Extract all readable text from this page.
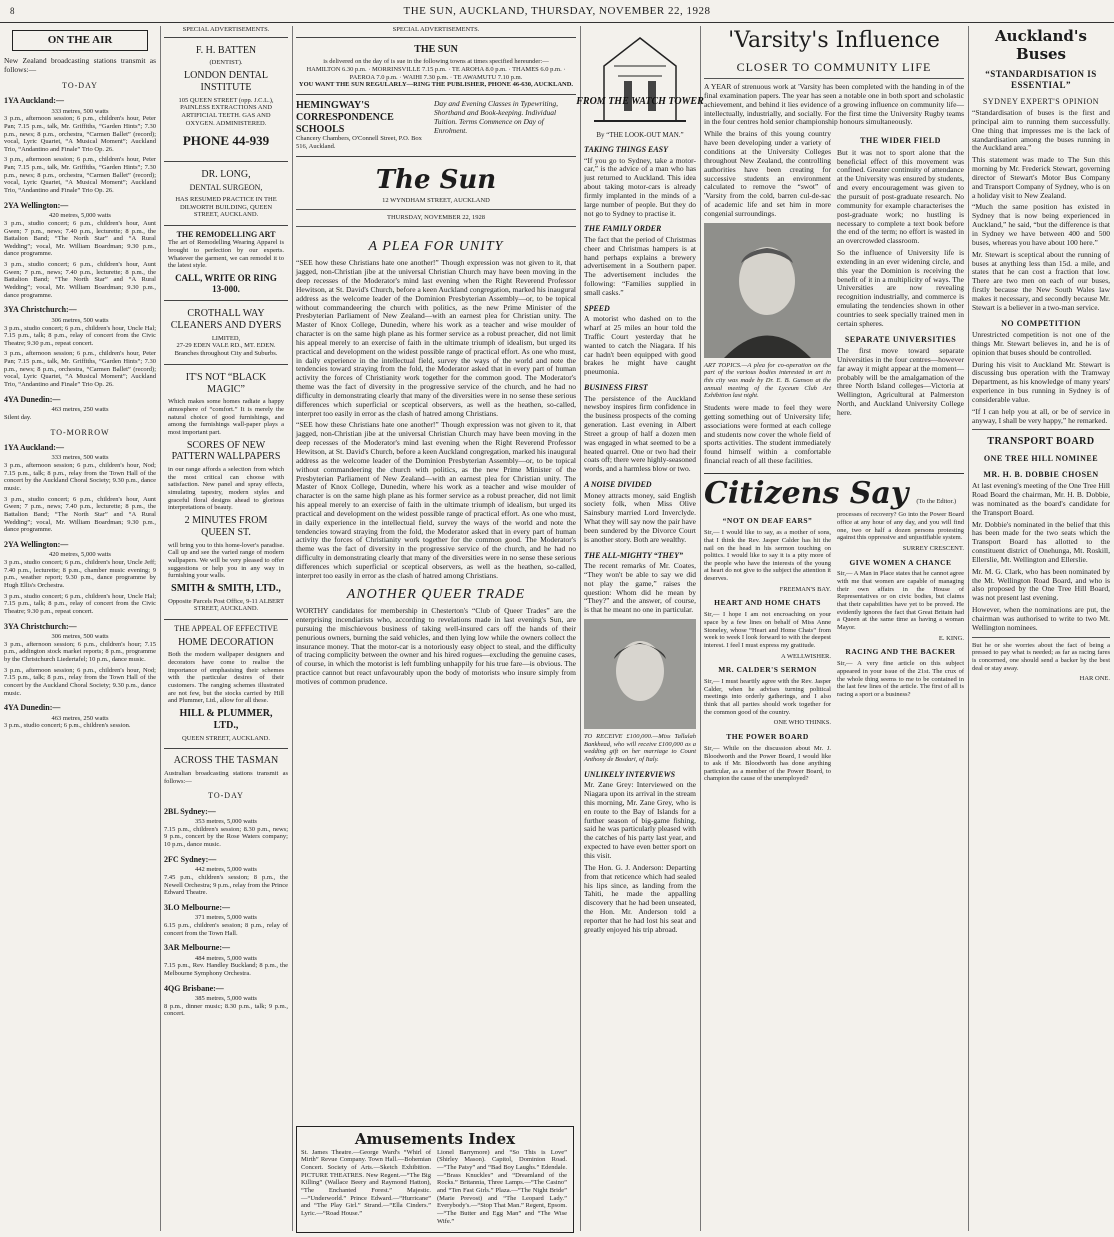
8	THE SUN, AUCKLAND, THURSDAY, NOVEMBER 22, 1928
ON THE AIR

New Zealand broadcasting stations transmit as follows:—

TO-DAY
1YA Auckland:—
333 metres, 500 watts

3 p.m., afternoon session; 6 p.m., children's hour, Peter Pan; 7.15 p.m., talk, Mr. Griffiths, “Garden Hints”; 7.30 p.m., news; 8 p.m., orchestra, “Carmen Ballet” (record); vocal, Lyric Quartet, “A Musical Moment”; Auckland Trio, “Andantino and Finale” Trio Op. 26.

3 p.m., afternoon session; 6 p.m., children's hour, Peter Pan; 7.15 p.m., talk, Mr. Griffiths, “Garden Hints”; 7.30 p.m., news; 8 p.m., orchestra, “Carmen Ballet” (record); vocal, Lyric Quartet, “A Musical Moment”; Auckland Trio, “Andantino and Finale” Trio Op. 26.

2YA Wellington:—
420 metres, 5,000 watts

3 p.m., studio concert; 6 p.m., children's hour, Aunt Gwen; 7 p.m., news; 7.40 p.m., lecturette; 8 p.m., the Battalion Band; “The North Star” and “A Rural Wedding”; vocal, Mr. William Boardman; 9.30 p.m., dance programme.

3 p.m., studio concert; 6 p.m., children's hour, Aunt Gwen; 7 p.m., news; 7.40 p.m., lecturette; 8 p.m., the Battalion Band; “The North Star” and “A Rural Wedding”; vocal, Mr. William Boardman; 9.30 p.m., dance programme.

3YA Christchurch:—
306 metres, 500 watts

3 p.m., studio concert; 6 p.m., children's hour, Uncle Hal; 7.15 p.m., talk; 8 p.m., relay of concert from the Civic Theatre; 9.30 p.m., repeat concert.

3 p.m., afternoon session; 6 p.m., children's hour, Peter Pan; 7.15 p.m., talk, Mr. Griffiths, “Garden Hints”; 7.30 p.m., news; 8 p.m., orchestra, “Carmen Ballet” (record); vocal, Lyric Quartet, “A Musical Moment”; Auckland Trio, “Andantino and Finale” Trio Op. 26.

4YA Dunedin:—
463 metres, 250 watts

Silent day.

TO-MORROW
1YA Auckland:—
333 metres, 500 watts

3 p.m., afternoon session; 6 p.m., children's hour, Nod; 7.15 p.m., talk; 8 p.m., relay from the Town Hall of the concert by the Auckland Choral Society; 9.30 p.m., dance music.

3 p.m., studio concert; 6 p.m., children's hour, Aunt Gwen; 7 p.m., news; 7.40 p.m., lecturette; 8 p.m., the Battalion Band; “The North Star” and “A Rural Wedding”; vocal, Mr. William Boardman; 9.30 p.m., dance programme.

2YA Wellington:—
420 metres, 5,000 watts

3 p.m., studio concert; 6 p.m., children's hour, Uncle Jeff; 7.40 p.m., lecturette; 8 p.m., chamber music evening; 9 p.m., weather report; 9.30 p.m., dance programme by Hugh Ellis's Orchestra.

3 p.m., studio concert; 6 p.m., children's hour, Uncle Hal; 7.15 p.m., talk; 8 p.m., relay of concert from the Civic Theatre; 9.30 p.m., repeat concert.

3YA Christchurch:—
306 metres, 500 watts

3 p.m., afternoon session; 6 p.m., children's hour; 7.15 p.m., addington stock market reports; 8 p.m., programme by the Christchurch Liedertafel; 10 p.m., dance music.

3 p.m., afternoon session; 6 p.m., children's hour, Nod; 7.15 p.m., talk; 8 p.m., relay from the Town Hall of the concert by the Auckland Choral Society; 9.30 p.m., dance music.

4YA Dunedin:—
463 metres, 250 watts

3 p.m., studio concert; 6 p.m., children's session.

SPECIAL ADVERTISEMENTS.
F. H. BATTEN
(DENTIST).
LONDON DENTAL INSTITUTE
105 QUEEN STREET (opp. J.C.L.), PAINLESS EXTRACTIONS AND ARTIFICIAL TEETH. GAS AND OXYGEN. ADMINISTERED.
PHONE 44-939
DR. LONG,
DENTAL SURGEON,
HAS RESUMED PRACTICE IN THE DILWORTH BUILDING, QUEEN STREET, AUCKLAND.
THE REMODELLING ART

The art of Remodelling Wearing Apparel is brought to perfection by our experts. Whatever the garment, we can remodel it to the latest style.

CALL, WRITE OR RING 13-000.
CROTHALL WAY CLEANERS AND DYERS
LIMITED,
27-29 EDEN VALE RD., MT. EDEN. Branches throughout City and Suburbs.
IT'S NOT “BLACK MAGIC”

Which makes some homes radiate a happy atmosphere of “comfort.” It is merely the natural choice of good furnishings, and among the furnishings wall-paper plays a most important part.

SCORES OF NEW PATTERN WALLPAPERS

in our range affords a selection from which the most critical can choose with satisfaction. New panel and spray effects, simulating tapestry, modern styles and graceful floral designs ahead to glorious interpretations of beauty.

2 MINUTES FROM QUEEN ST.

will bring you to this home-lover's paradise. Call up and see the varied range of modern wallpapers. We will be very pleased to offer suggestions or help you in any way in furnishing your walls.

SMITH & SMITH, LTD.,
Opposite Parcels Post Office, 9-11 ALBERT STREET, AUCKLAND.
THE APPEAL OF EFFECTIVE
HOME DECORATION

Both the modern wallpaper designers and decorators have come to realise the importance of emphasising their schemes with the particular desires of their customers. The ranging schemes illustrated are not few, but the stocks carried by Hill and Plummer, Ltd., allow for all these.

HILL & PLUMMER, LTD.,
QUEEN STREET, AUCKLAND.
ACROSS THE TASMAN

Australian broadcasting stations transmit as follows:—

TO-DAY
2BL Sydney:—
353 metres, 5,000 watts

7.15 p.m., children's session; 8.30 p.m., news; 9 p.m., concert by the Rose Waters company; 10 p.m., dance music.

2FC Sydney:—
442 metres, 5,000 watts

7.45 p.m., children's session; 8 p.m., the Newell Orchestra; 9 p.m., relay from the Prince Edward Theatre.

3LO Melbourne:—
371 metres, 5,000 watts

6.15 p.m., children's session; 8 p.m., relay of concert from the Town Hall.

3AR Melbourne:—
484 metres, 5,000 watts

7.15 p.m., Rev. Handley Buckland; 8 p.m., the Melbourne Symphony Orchestra.

4QG Brisbane:—
385 metres, 5,000 watts

8 p.m., dinner music; 8.30 p.m., talk; 9 p.m., concert.

SPECIAL ADVERTISEMENTS.
THE SUN
is delivered on the day of is sue in the following towns at times specified hereunder:—
HAMILTON 6.30 p.m. · MORRINSVILLE 7.15 p.m. · TE AROHA 8.0 p.m. · THAMES 6.0 p.m. · PAEROA 7.0 p.m. · WAIHI 7.30 p.m. · TE AWAMUTU 7.10 p.m.
YOU WANT THE SUN REGULARLY—RING THE PUBLISHER, PHONE 46-630, AUCKLAND.
HEMINGWAY'S CORRESPONDENCE SCHOOLS
Chancery Chambers, O'Connell Street, P.O. Box 516, Auckland.
Day and Evening Classes in Typewriting, Shorthand and Book-keeping. Individual Tuition. Terms Commence on Day of Enrolment.
The Sun
12 WYNDHAM STREET, AUCKLAND
THURSDAY, NOVEMBER 22, 1928
A PLEA FOR UNITY

“SEE how these Christians hate one another!” Though expression was not given to it, that jagged, non-Christian jibe at the universal Christian Church may have been moving in the deep recesses of the Moderator's mind last evening when the Right Reverend Professor Hewitson, at St. David's Church, before a keen Auckland congregation, marked his inaugural address as the welcome leader of the Dominion Presbyterian Assembly—or, to be topical without commandeering the church with politics, as the new Prime Minister of the Presbyterian Parliament of New Zealand—with an earnest plea for Christian unity. The Master of Knox College, Dunedin, where his work as a teacher and wise moulder of character is on the same high plane as his former service as a robust preacher, did not limit his appeal merely to an exercise of faith in the ultimate triumph of idealism, but urged its practical and development on the widest possible range of practical effort. As one who must, in daily experience in the intellectual field, survey the ways of the world and note the tendencies toward straying from the fold, the Moderator asked that in every part of human activity the forces of Christianity work together for the common good. The Moderator's theme was the fact of diversity in the progressive service of the church, and he had no difficulty in demonstrating clearly that many of the diversities were in no sense these serious differences which superficial or sceptical observers, as well as the heathen, so-called, interpret too easily in error as the clash of hatred among Christians.

“SEE how these Christians hate one another!” Though expression was not given to it, that jagged, non-Christian jibe at the universal Christian Church may have been moving in the deep recesses of the Moderator's mind last evening when the Right Reverend Professor Hewitson, at St. David's Church, before a keen Auckland congregation, marked his inaugural address as the welcome leader of the Dominion Presbyterian Assembly—or, to be topical without commandeering the church with politics, as the new Prime Minister of the Presbyterian Parliament of New Zealand—with an earnest plea for Christian unity. The Master of Knox College, Dunedin, where his work as a teacher and wise moulder of character is on the same high plane as his former service as a robust preacher, did not limit his appeal merely to an exercise of faith in the ultimate triumph of idealism, but urged its practical and development on the widest possible range of practical effort. As one who must, in daily experience in the intellectual field, survey the ways of the world and note the tendencies toward straying from the fold, the Moderator asked that in every part of human activity the forces of Christianity work together for the common good. The Moderator's theme was the fact of diversity in the progressive service of the church, and he had no difficulty in demonstrating clearly that many of the diversities were in no sense these serious differences which superficial or sceptical observers, as well as the heathen, so-called, interpret too easily in error as the clash of hatred among Christians.

ANOTHER QUEER TRADE

WORTHY candidates for membership in Chesterton's “Club of Queer Trades” are the enterprising incendiarists who, according to revelations made in last evening's Sun, are pursuing the mischievous business of taking well-insured cars off the hands of their penurious owners, burning the said vehicles, and then lying low while the owners collect the insurance money. That the motor-car is a notoriously easy object to steal, and the difficulty of tracing complicity between the owner and his hired rogues—excluding the genuine cases, of course, in which the motorist is left fumbling unhappily for his true fare—is obvious. The practice cannot but react unfavourably upon the body of motorists who insure simply from motives of common prudence.

Amusements Index

St. James Theatre.—George Ward's “Whirl of Mirth” Revue Company. Town Hall.—Bohemian Concert. Society of Arts.—Sketch Exhibition. PICTURE THEATRES. New Regent.—“The Big Killing” (Wallace Beery and Raymond Hatton), “The Enchanted Forest.” Majestic.—“Underworld.” Prince Edward.—“Hurricane” and “The Play Girl.” Strand.—“Ella Cinders.” Lyric.—“Road House.”

Lionel Barrymore) and “So This is Love” (Shirley Mason). Capitol, Dominion Road.—“The Patsy” and “Bad Boy Laughs.” Edendale.—“Brass Knuckles” and “Dreamland of the Rocks.” Britannia, Three Lamps.—“The Casino” and “Ten Fast Girls.” Plaza.—“The Night Bride” (Marie Prevost) and “The Leopard Lady.” Everybody's.—“Stop That Man.” Regent, Epsom.—“The Butter and Egg Man” and “The Wise Wife.”

FROM THE WATCH TOWER
By “THE LOOK-OUT MAN.”
TAKING THINGS EASY

“If you go to Sydney, take a motor-car,” is the advice of a man who has just returned to Auckland. This idea about taking motor-cars is already firmly implanted in the minds of a large number of people. But they do not go to Sydney to practise it.

THE FAMILY ORDER

The fact that the period of Christmas cheer and Christmas hampers is at hand perhaps explains a brewery advertisement in a Southern paper. The advertisement includes the following: “Families supplied in small casks.”

SPEED

A motorist who dashed on to the wharf at 25 miles an hour told the Traffic Court yesterday that he wanted to catch the Niagara. If his car hadn't been equipped with good brakes he might have caught pneumonia.

BUSINESS FIRST

The persistence of the Auckland newsboy inspires firm confidence in the business prospects of the coming generation. Last evening in Albert Street a group of half a dozen men was engaged in what seemed to be a heated quarrel. One or two had their coats off; there were highly-seasoned words, and a harmless blow or two.

A NOISE DIVIDED

Money attracts money, said English society folk, when Miss Olive Sainsbury married Lord Inverclyde. What they will say now the pair have been sundered by the Divorce Court is another story. Both are wealthy.

THE ALL-MIGHTY “THEY”

The recent remarks of Mr. Coates, “They won't be able to say we did not play the game,” raises the question: Whom did he mean by “They?” and the answer, of course, is that he meant no one in particular.

TO RECEIVE £100,000.—Miss Tallulah Bankhead, who will receive £100,000 as a wedding gift on her marriage to Count Anthony de Bosdari, of Italy.

UNLIKELY INTERVIEWS

Mr. Zane Grey: Interviewed on the Niagara upon its arrival in the stream this morning, Mr. Zane Grey, who is en route to the Bay of Islands for a further season of big-game fishing, said he was particularly pleased with the catches of his party last year, and expected to have even better sport on this visit.

The Hon. G. J. Anderson: Departing from that reticence which had sealed his lips since, as landing from the Tahiti, he made the appalling discovery that he had been unseated, the Hon. Mr. Anderson told a reporter that he had lost his seat and greatly enjoyed his trip abroad.

'Varsity's Influence
CLOSER TO COMMUNITY LIFE

A YEAR of strenuous work at 'Varsity has been completed with the handing in of the final examination papers. The year has seen a notable one in both sport and scholastic achievement, and behind it lies evidence of a growing influence on community life—intellectually, industrially, and socially. For the first time the University Rugby teams in the four centres hold senior championship honours simultaneously.

While the brains of this young country have been developing under a variety of conditions at the University Colleges throughout New Zealand, the controlling authorities have been creating for successive students an environment calculated to remove the “swot” of 'Varsity from the cold, barren cul-de-sac of academic life and set him in more congenial surroundings.

ART TOPICS.—A plea for co-operation on the part of the various bodies interested in art in this city was made by Dr. E. B. Gunson at the annual meeting of the Lyceum Club Art Exhibition last night.

Students were made to feel they were getting something out of University life; associations were formed at each college and students now cover the whole field of sports activities. The student immediately found himself within a comfortable financial reach of all these facilities.

THE WIDER FIELD

But it was not to sport alone that the beneficial effect of this movement was confined. Greater continuity of attendance at the University was ensured by students, and every encouragement was given to the pursuit of post-graduate research. No community for example characterises the post-graduate work; no hustling is necessary to complete a text book before the end of the term; no effort is wasted in an overcrowded classroom.

So the influence of University life is extending in an ever widening circle, and this year the Dominion is receiving the benefit of it in a multiplicity of ways. The Universities are now revealing recognition industrially, and commerce is emulating the tendencies shown in other countries to seek specially trained men in certain spheres.

SEPARATE UNIVERSITIES

The first move toward separate Universities in the four centres—however far away it might appear at the moment—probably will be the amalgamation of the three North Island colleges—Victoria at Wellington, Agricultural at Palmerston North, and Auckland University College here.

Citizens Say (To the Editor.)
“NOT ON DEAF EARS”

Sir,— I would like to say, as a mother of sons, that I think the Rev. Jasper Calder has hit the nail on the head in his sermon touching on politics. I would like to say it is a pity more of the people who have the interests of the young at heart do not give to the subject the attention it deserves.

FREEMAN'S BAY.
HEART AND HOME CHATS

Sir,— I hope I am not encroaching on your space by a few lines on behalf of Miss Anne Stoneley, whose “Heart and Home Chats” from week to week I look forward to with the deepest interest. I feel I must express my gratitude.

A WELLWISHER.
MR. CALDER'S SERMON

Sir,— I must heartily agree with the Rev. Jasper Calder, when he advises turning political meetings into orderly gatherings, and I also think that all parties should work together for the common good of the country.

ONE WHO THINKS.
THE POWER BOARD

Sir,— While on the discussion about Mr. J. Bloodworth and the Power Board, I would like to ask if Mr. Bloodworth has done anything particular, as a member of the Power Board, to champion the cause of the unemployed?

processes of recovery? Go into the Power Board office at any hour of any day, and you will find one, two or half a dozen persons protesting against this oppressive and unjustifiable system.

SURREY CRESCENT.
GIVE WOMEN A CHANCE

Sir,— A Man in Place states that he cannot agree with me that women are capable of managing their own affairs in the House of Representatives or on civic bodies, but claims that their capabilities have yet to be proved. He evidently ignores the fact that Great Britain had a Queen at the same time as having a woman Mayor.

E. KING.
RACING AND THE BACKER

Sir,— A very fine article on this subject appeared in your issue of the 21st. The crux of the whole thing seems to me to be contained in the last few lines of the article. The first of all is racing a sport or a business?

Auckland's Buses
“STANDARDISATION IS ESSENTIAL”
SYDNEY EXPERT'S OPINION

“Standardisation of buses is the first and principal aim to running them successfully. One thing that impresses me is the lack of standardisation among the buses running in the Auckland area.”

This statement was made to The Sun this morning by Mr. Frederick Stewart, governing director of Stewart's Motor Bus Company and Transport Company of Sydney, who is on a holiday visit to New Zealand.

“Much the same position has existed in Sydney that is now being experienced in Auckland,” he said, “but the difference is that in Sydney we have between 400 and 500 buses, whereas you have about 100 here.”

Mr. Stewart is sceptical about the running of buses at anything less than 15d. a mile, and states that he can cost a fraction that low. There are two men on each of our buses, firstly because the New South Wales law makes it necessary, and secondly because Mr. Stewart is a believer in a two-man service.

NO COMPETITION

Unrestricted competition is not one of the things Mr. Stewart believes in, and he is of opinion that buses should be controlled.

During his visit to Auckland Mr. Stewart is discussing bus operation with the Tramway Department, as his knowledge of many years' experience in bus running in Sydney is of considerable value.

“If I can help you at all, or be of service in anyway, I shall be very happy,” he remarked.

TRANSPORT BOARD
ONE TREE HILL NOMINEE
MR. H. B. DOBBIE CHOSEN

At last evening's meeting of the One Tree Hill Road Board the chairman, Mr. H. B. Dobbie, was nominated as the board's candidate for the Transport Board.

Mr. Dobbie's nominated in the belief that this has been made for the two seats which the Transport Board has allotted to the constituent district of Onehunga, Mt. Roskill, Ellerslie, Mt. Wellington and Ellerslie.

Mr. M. G. Clark, who has been nominated by the Mt. Wellington Road Board, and who is also proposed by the One Tree Hill Board, was not present last evening.

However, when the nominations are put, the chairman was authorised to write to two Mt. Wellington nominees.

But he or she worries about the fact of being a pressed to pay what is needed; as far as racing fares is concerned, one should send a backer by the best deal or stay away.

HAR ONE.
